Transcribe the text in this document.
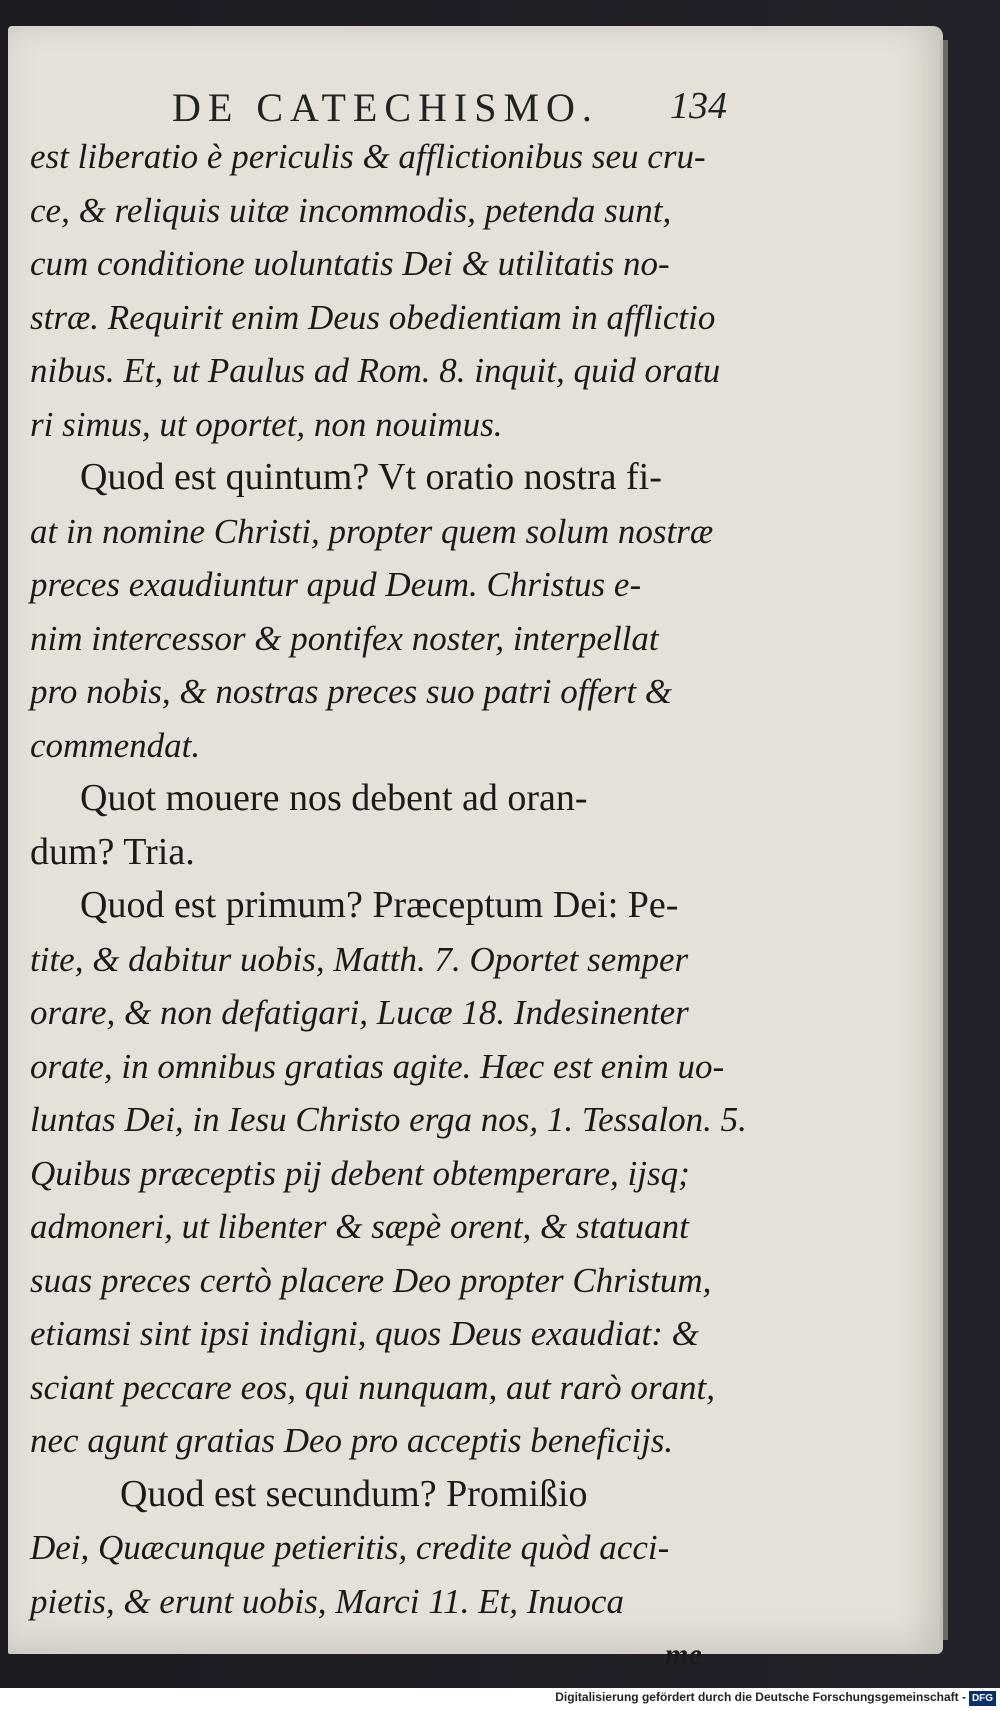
DE CATECHISMO. 134
est liberatio è periculis & afflictionibus seu cru-
ce, & reliquis uitæ incommodis, petenda sunt,
cum conditione uoluntatis Dei & utilitatis no-
stræ. Requirit enim Deus obedientiam in afflictio
nibus. Et, ut Paulus ad Rom. 8. inquit, quid oratu
ri simus, ut oportet, non nouimus.
Quod est quintum? Vt oratio nostra fi-
at in nomine Christi, propter quem solum nostræ
preces exaudiuntur apud Deum. Christus e-
nim intercessor & pontifex noster, interpellat
pro nobis, & nostras preces suo patri offert &
commendat.
Quot mouere nos debent ad oran-
dum? Tria.
Quod est primum? Præceptum Dei: Pe-
tite, & dabitur uobis, Matth. 7. Oportet semper
orare, & non defatigari, Lucæ 18. Indesinenter
orate, in omnibus gratias agite. Hæc est enim uo-
luntas Dei, in Iesu Christo erga nos, 1. Tessalon. 5.
Quibus præceptis pij debent obtemperare, ijsq;
admoneri, ut libenter & sæpè orent, & statuant
suas preces certò placere Deo propter Christum,
etiamsi sint ipsi indigni, quos Deus exaudiat: &
sciant peccare eos, qui nunquam, aut rarò orant,
nec agunt gratias Deo pro acceptis beneficijs.
Quod est secundum? Promißio
Dei, Quæcunque petieritis, credite quòd acci-
pietis, & erunt uobis, Marci 11. Et, Inuoca
me
Digitalisierung gefördert durch die Deutsche Forschungsgemeinschaft - DFG
